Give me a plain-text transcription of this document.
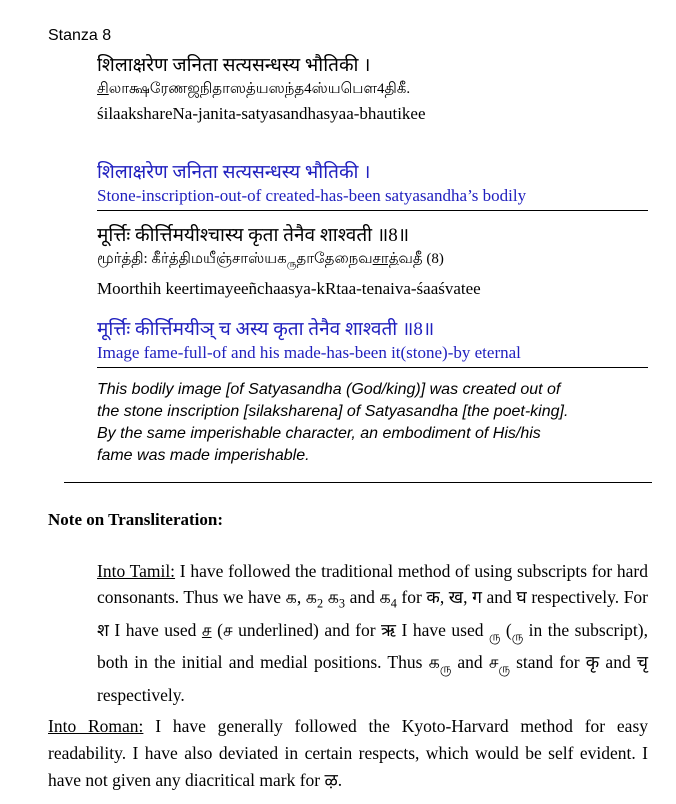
Stanza 8
शिलाक्षरेण जनिता सत्यसन्धस्य भौतिकी ।
சிலாக்ஷரேணஜநிதாஸத்யஸந்த4ஸ்யபெள4திகீ.
śilaakshareNa-janita-satyasandhasyaa-bhautikee
शिलाक्षरेण जनिता सत्यसन्धस्य भौतिकी ।
Stone-inscription-out-of created-has-been satyasandha’s bodily
मूर्त्तिः कीर्त्तिमयीश्चास्य कृता तेनैव शाश्वती ॥8॥
மூர்த்தி: கீர்த்திமயீஞ்சாஸ்யக$_{ரு}$தாதேநைவசாத்வதீ (8)
Moorthih keertimayeeñchaasya-kRtaa-tenaiva-śaaśvatee
मूर्त्तिः कीर्त्तिमयीञ् च अस्य कृता तेनैव शाश्वती ॥8॥
Image fame-full-of and his made-has-been it(stone)-by eternal
This bodily image [of Satyasandha (God/king)] was created out of the stone inscription [silaksharena] of Satyasandha [the poet-king]. By the same imperishable character, an embodiment of His/his fame was made imperishable.
Note on Transliteration:
Into Tamil: I have followed the traditional method of using subscripts for hard consonants. Thus we have க, க$_2$ க$_3$ and க$_4$ for क, ख, ग and घ respectively. For श I have used ச (ச underlined) and for ऋ I have used $_{ரு}$ ($_{ரு}$ in the subscript), both in the initial and medial positions. Thus க$_{ரு}$ and ச$_{ரு}$ stand for कृ and चृ respectively.
Into Roman: I have generally followed the Kyoto-Harvard method for easy readability. I have also deviated in certain respects, which would be self evident. I have not given any diacritical mark for ऴ.
